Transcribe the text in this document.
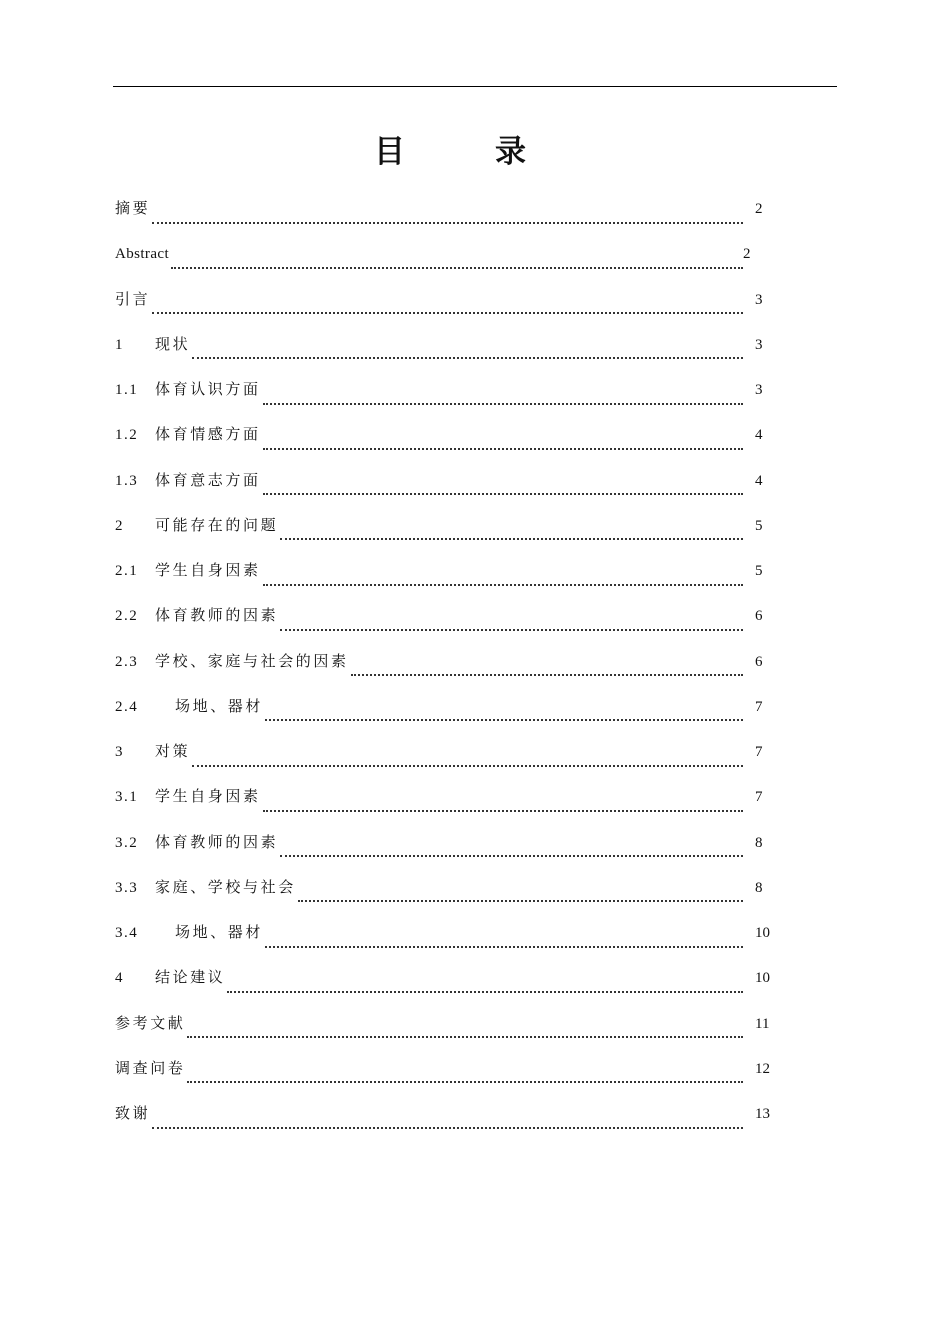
目	录
摘要	2
Abstract	2
引言	3
1	现状	3
1.1	体育认识方面	3
1.2	体育情感方面	4
1.3	体育意志方面	4
2	可能存在的问题	5
2.1	学生自身因素	5
2.2	体育教师的因素	6
2.3	学校、家庭与社会的因素	6
2.4	场地、器材	7
3	对策	7
3.1	学生自身因素	7
3.2	体育教师的因素	8
3.3	家庭、学校与社会	8
3.4	场地、器材	10
4	结论建议	10
参考文献	11
调查问卷	12
致谢	13
